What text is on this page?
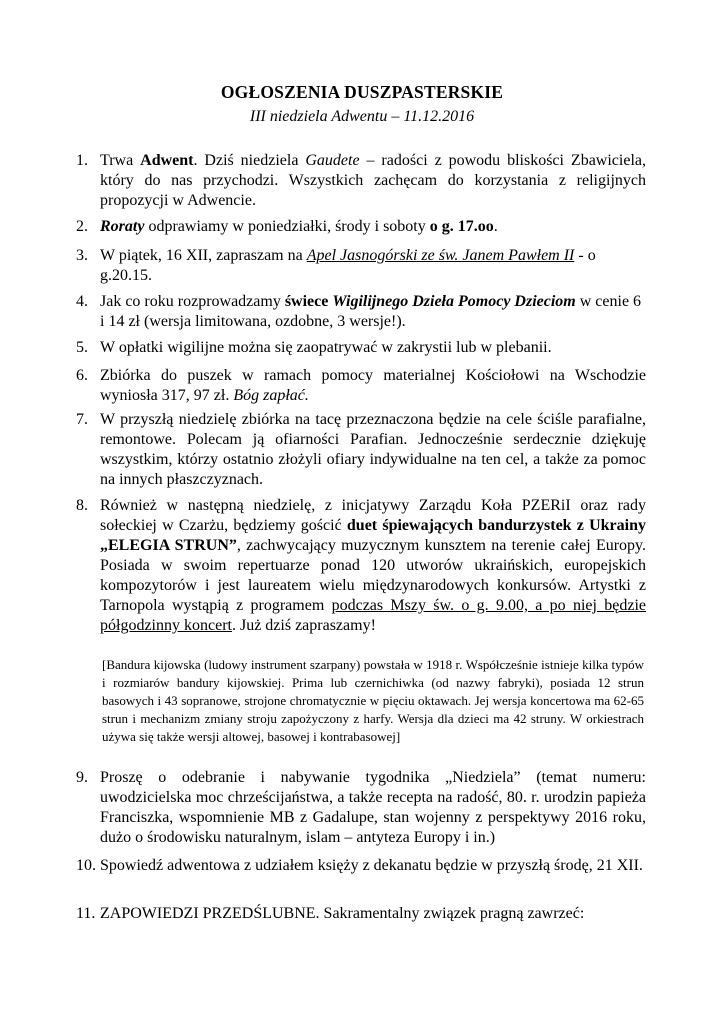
OGŁOSZENIA DUSZPASTERSKIE
III niedziela Adwentu – 11.12.2016
1. Trwa Adwent. Dziś niedziela Gaudete – radości z powodu bliskości Zbawiciela, który do nas przychodzi. Wszystkich zachęcam do korzystania z religijnych propozycji w Adwencie.
2. Roraty odprawiamy w poniedziałki, środy i soboty o g. 17.oo.
3. W piątek, 16 XII, zapraszam na Apel Jasnogórski ze św. Janem Pawłem II - o g.20.15.
4. Jak co roku rozprowadzamy świece Wigilijnego Dzieła Pomocy Dzieciom w cenie 6 i 14 zł (wersja limitowana, ozdobne, 3 wersje!).
5. W opłatki wigilijne można się zaopatrywać w zakrystii lub w plebanii.
6. Zbiórka do puszek w ramach pomocy materialnej Kościołowi na Wschodzie wyniosła 317, 97 zł. Bóg zapłać.
7. W przyszłą niedzielę zbiórka na tacę przeznaczona będzie na cele ściśle parafialne, remontowe. Polecam ją ofiarności Parafian. Jednocześnie serdecznie dziękuję wszystkim, którzy ostatnio złożyli ofiary indywidualne na ten cel, a także za pomoc na innych płaszczyznach.
8. Również w następną niedzielę, z inicjatywy Zarządu Koła PZERiI oraz rady sołeckiej w Czarżu, będziemy gościć duet śpiewających bandurzystek z Ukrainy „ELEGIA STRUN”, zachwycający muzycznym kunsztem na terenie całej Europy. Posiada w swoim repertuarze ponad 120 utworów ukraińskich, europejskich kompozytorów i jest laureatem wielu międzynarodowych konkursów. Artystki z Tarnopola wystąpią z programem podczas Mszy św. o g. 9.00, a po niej będzie półgodzinny koncert. Już dziś zapraszamy!
[Bandura kijowska (ludowy instrument szarpany) powstała w 1918 r. Współcześnie istnieje kilka typów i rozmiarów bandury kijowskiej. Prima lub czernichiwka (od nazwy fabryki), posiada 12 strun basowych i 43 sopranowe, strojone chromatycznie w pięciu oktawach. Jej wersja koncertowa ma 62-65 strun i mechanizm zmiany stroju zapożyczony z harfy. Wersja dla dzieci ma 42 struny. W orkiestrach używa się także wersji altowej, basowej i kontrabasowej]
9. Proszę o odebranie i nabywanie tygodnika „Niedziela” (temat numeru: uwodzicielska moc chrześcijaństwa, a także recepta na radość, 80. r. urodzin papieża Franciszka, wspomnienie MB z Gadalupe, stan wojenny z perspektywy 2016 roku, dużo o środowisku naturalnym, islam – antyteza Europy i in.)
10. Spowiedź adwentowa z udziałem księży z dekanatu będzie w przyszłą środę, 21 XII.
11. ZAPOWIEDZI PRZEDŚLUBNE. Sakramentalny związek pragną zawrzeć:
